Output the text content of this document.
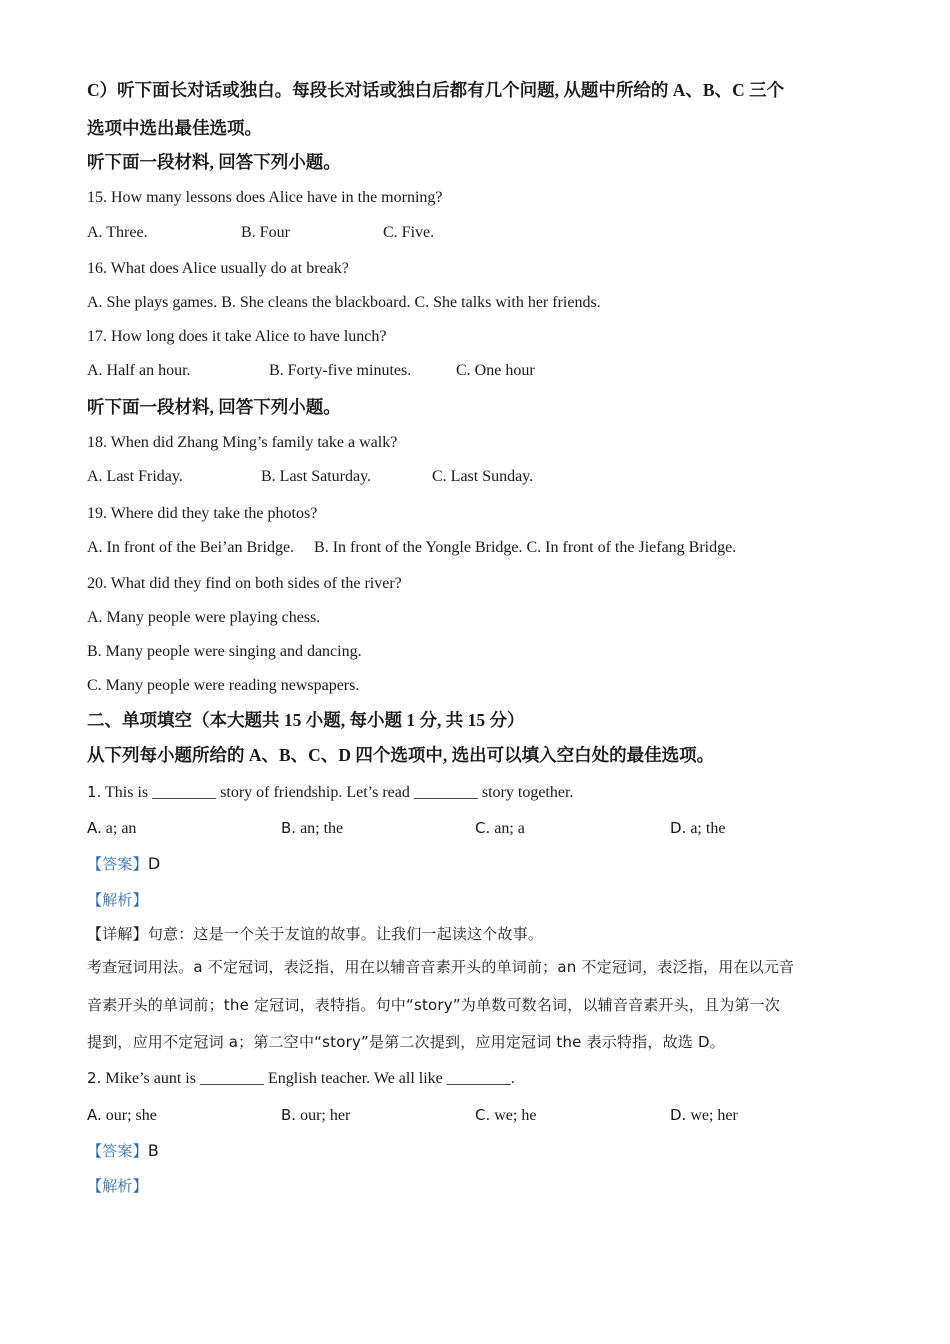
C）听下面长对话或独白。每段长对话或独白后都有几个问题, 从题中所给的 A、B、C 三个
选项中选出最佳选项。
听下面一段材料, 回答下列小题。
15. How many lessons does Alice have in the morning?
A. Three.	B. Four	C. Five.
16. What does Alice usually do at break?
A. She plays games. B. She cleans the blackboard. C. She talks with her friends.
17. How long does it take Alice to have lunch?
A. Half an hour.	B. Forty-five minutes.	C. One hour
听下面一段材料, 回答下列小题。
18. When did Zhang Ming’s family take a walk?
A. Last Friday.	B. Last Saturday.	C. Last Sunday.
19. Where did they take the photos?
A. In front of the Bei’an Bridge.     B. In front of the Yongle Bridge. C. In front of the Jiefang Bridge.
20. What did they find on both sides of the river?
A. Many people were playing chess.
B. Many people were singing and dancing.
C. Many people were reading newspapers.
二、单项填空（本大题共 15 小题, 每小题 1 分, 共 15 分）
从下列每小题所给的 A、B、C、D 四个选项中, 选出可以填入空白处的最佳选项。
1. This is ________ story of friendship. Let’s read ________ story together.
A. a; an	B. an; the	C. an; a	D. a; the
【答案】D
【解析】
【详解】句意：这是一个关于友谊的故事。让我们一起读这个故事。
考查冠词用法。a 不定冠词，表泛指，用在以辅音音素开头的单词前；an 不定冠词，表泛指，用在以元音
音素开头的单词前；the 定冠词，表特指。句中“story”为单数可数名词，以辅音音素开头，且为第一次
提到，应用不定冠词 a；第二空中“story”是第二次提到，应用定冠词 the 表示特指，故选 D。
2. Mike’s aunt is ________ English teacher. We all like ________.
A. our; she	B. our; her	C. we; he	D. we; her
【答案】B
【解析】
